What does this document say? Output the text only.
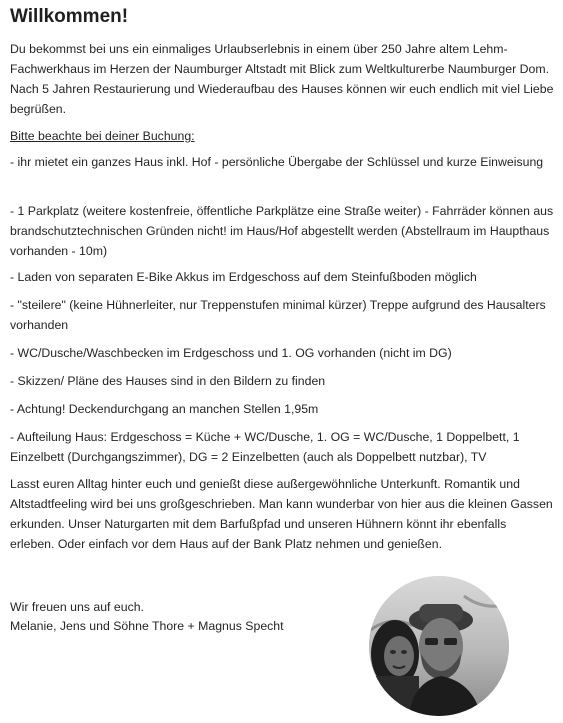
Willkommen!

Du bekommst bei uns ein einmaliges Urlaubserlebnis in einem über 250 Jahre altem Lehm-Fachwerkhaus im Herzen der Naumburger Altstadt mit Blick zum Weltkulturerbe Naumburger Dom. Nach 5 Jahren Restaurierung und Wiederaufbau des Hauses können wir euch endlich mit viel Liebe begrüßen.

Bitte beachte bei deiner Buchung:

- ihr mietet ein ganzes Haus inkl. Hof - persönliche Übergabe der Schlüssel und kurze Einweisung

- 1 Parkplatz (weitere kostenfreie, öffentliche Parkplätze eine Straße weiter) - Fahrräder können aus brandschutztechnischen Gründen nicht! im Haus/Hof abgestellt werden (Abstellraum im Haupthaus vorhanden - 10m)

- Laden von separaten E-Bike Akkus im Erdgeschoss auf dem Steinfußboden möglich

- "steilere" (keine Hühnerleiter, nur Treppenstufen minimal kürzer) Treppe aufgrund des Hausalters vorhanden

- WC/Dusche/Waschbecken im Erdgeschoss und 1. OG vorhanden (nicht im DG)

- Skizzen/ Pläne des Hauses sind in den Bildern zu finden

- Achtung! Deckendurchgang an manchen Stellen 1,95m

- Aufteilung Haus: Erdgeschoss = Küche + WC/Dusche, 1. OG = WC/Dusche, 1 Doppelbett, 1 Einzelbett (Durchgangszimmer), DG = 2 Einzelbetten (auch als Doppelbett nutzbar), TV

Lasst euren Alltag hinter euch und genießt diese außergewöhnliche Unterkunft. Romantik und Altstadtfeeling wird bei uns großgeschrieben. Man kann wunderbar von hier aus die kleinen Gassen erkunden. Unser Naturgarten mit dem Barfußpfad und unseren Hühnern könnt ihr ebenfalls erleben. Oder einfach vor dem Haus auf der Bank Platz nehmen und genießen.

Wir freuen uns auf euch.

Melanie, Jens und Söhne Thore + Magnus Specht
